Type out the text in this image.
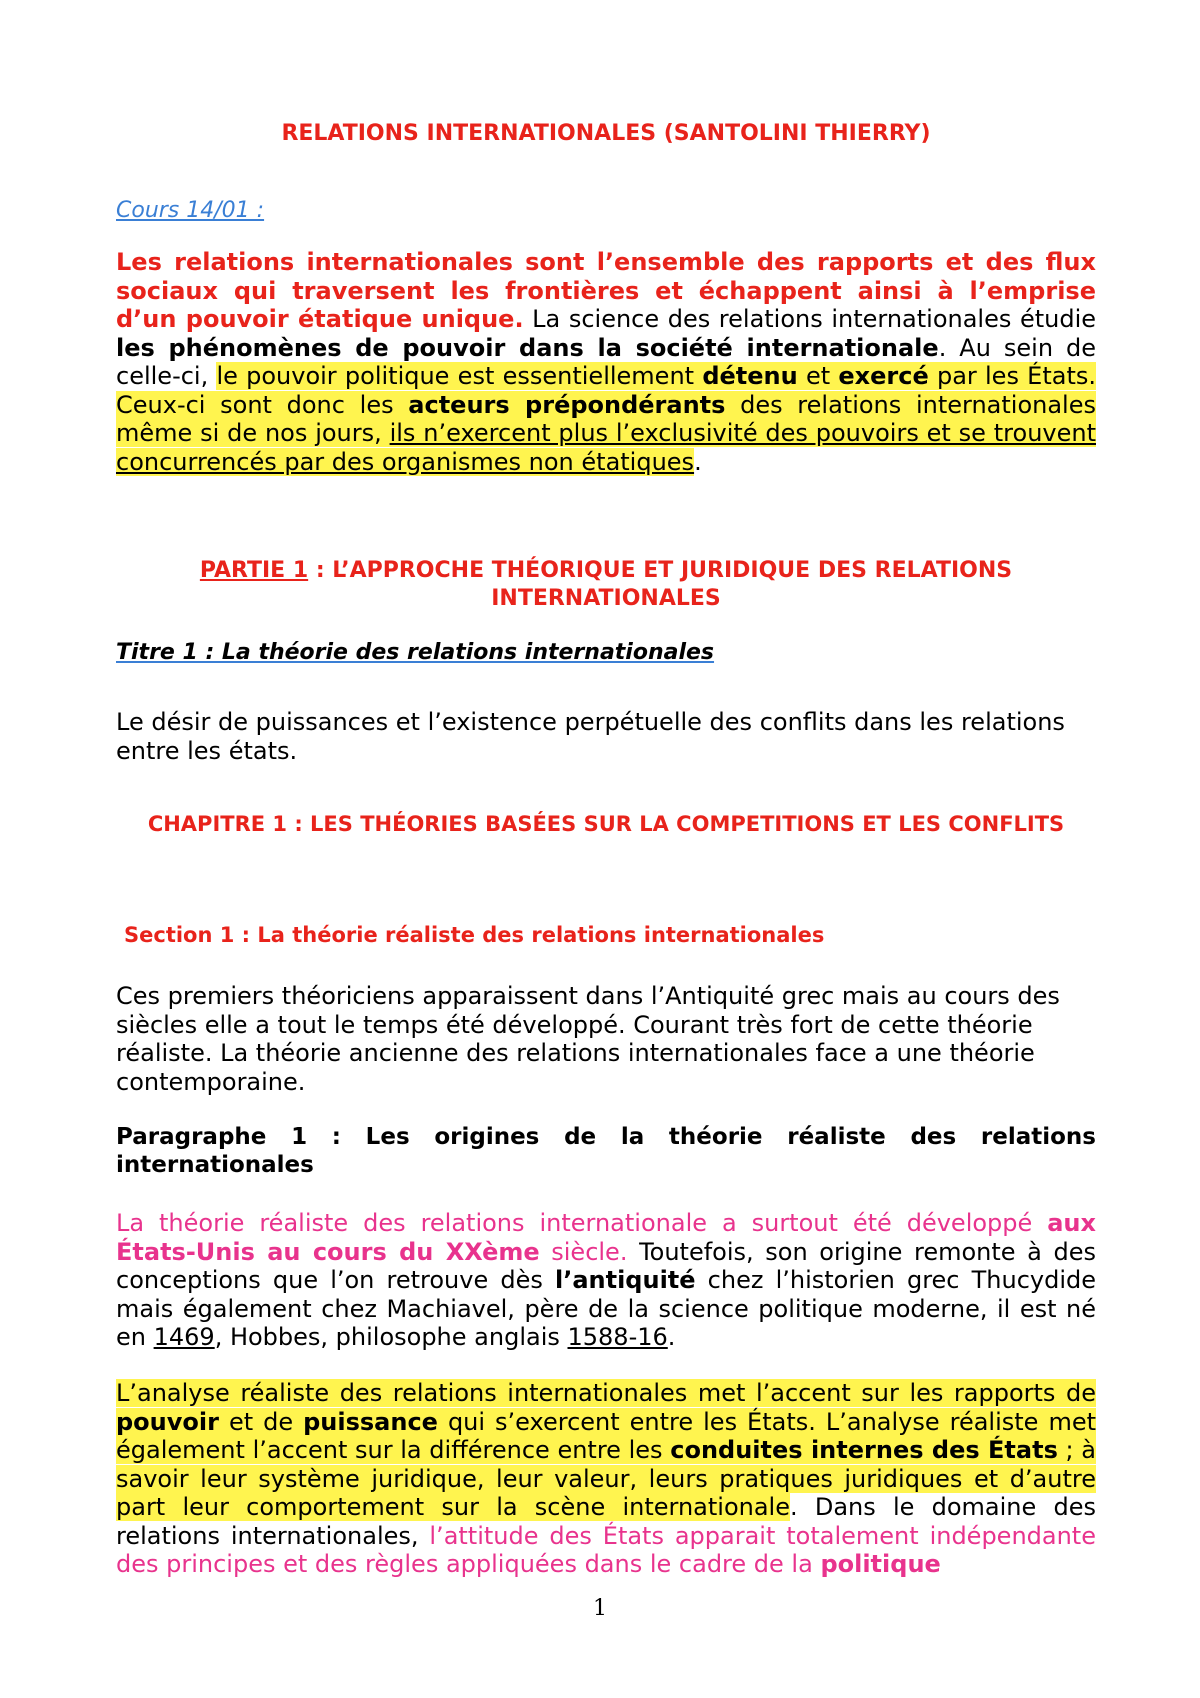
RELATIONS INTERNATIONALES (SANTOLINI THIERRY)
Cours 14/01 :
Les relations internationales sont l’ensemble des rapports et des flux sociaux qui traversent les frontières et échappent ainsi à l’emprise d’un pouvoir étatique unique. La science des relations internationales étudie les phénomènes de pouvoir dans la société internationale. Au sein de celle-ci, le pouvoir politique est essentiellement détenu et exercé par les États. Ceux-ci sont donc les acteurs prépondérants des relations internationales même si de nos jours, ils n’exercent plus l’exclusivité des pouvoirs et se trouvent concurrencés par des organismes non étatiques.
PARTIE 1 : L’APPROCHE THÉORIQUE ET JURIDIQUE DES RELATIONS INTERNATIONALES
Titre 1 : La théorie des relations internationales
Le désir de puissances et l’existence perpétuelle des conflits dans les relations entre les états.
CHAPITRE 1 : LES THÉORIES BASÉES SUR LA COMPETITIONS ET LES CONFLITS
Section 1 : La théorie réaliste des relations internationales
Ces premiers théoriciens apparaissent dans l’Antiquité grec mais au cours des siècles elle a tout le temps été développé. Courant très fort de cette théorie réaliste. La théorie ancienne des relations internationales face a une théorie contemporaine.
Paragraphe 1 : Les origines de la théorie réaliste des relations internationales
La théorie réaliste des relations internationale a surtout été développé aux États-Unis au cours du XXème siècle. Toutefois, son origine remonte à des conceptions que l’on retrouve dès l’antiquité chez l’historien grec Thucydide mais également chez Machiavel, père de la science politique moderne, il est né en 1469, Hobbes, philosophe anglais 1588-16.
L’analyse réaliste des relations internationales met l’accent sur les rapports de pouvoir et de puissance qui s’exercent entre les États. L’analyse réaliste met également l’accent sur la différence entre les conduites internes des États ; à savoir leur système juridique, leur valeur, leurs pratiques juridiques et d’autre part leur comportement sur la scène internationale. Dans le domaine des relations internationales, l’attitude des États apparait totalement indépendante des principes et des règles appliquées dans le cadre de la politique
1
